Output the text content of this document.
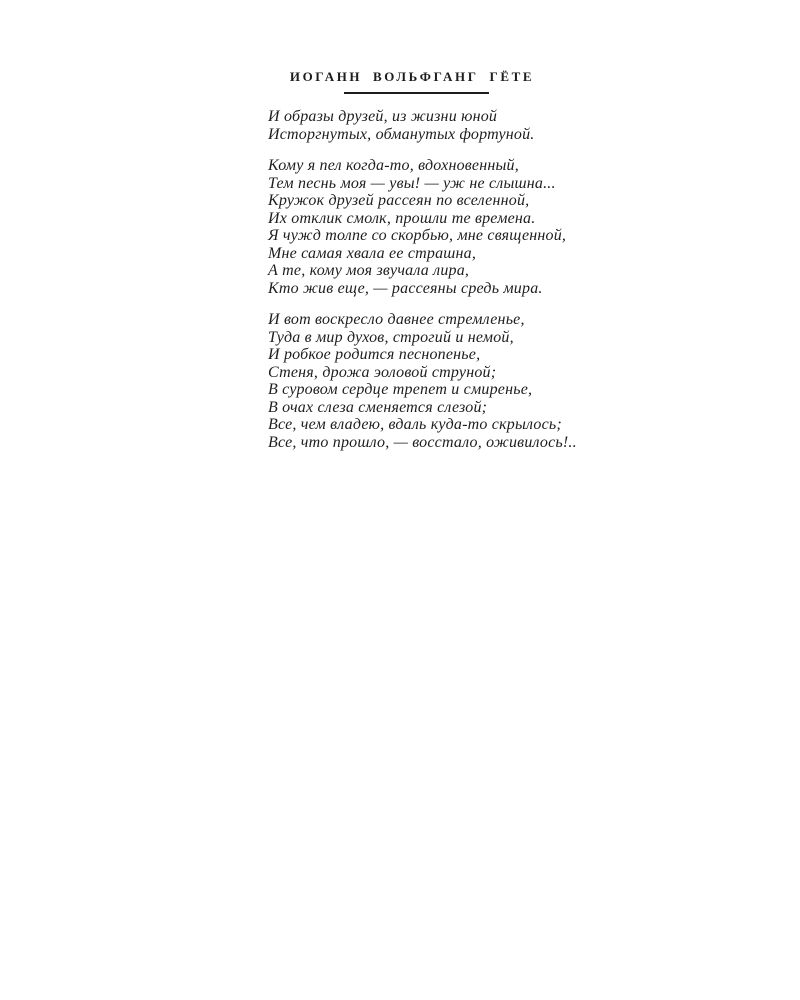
ИОГАНН ВОЛЬФГАНГ ГЁТЕ
И образы друзей, из жизни юной
Исторгнутых, обманутых фортуной.
Кому я пел когда-то, вдохновенный,
Тем песнь моя — увы! — уж не слышна...
Кружок друзей рассеян по вселенной,
Их отклик смолк, прошли те времена.
Я чужд толпе со скорбью, мне священной,
Мне самая хвала ее страшна,
А те, кому моя звучала лира,
Кто жив еще, — рассеяны средь мира.
И вот воскресло давнее стремленье,
Туда в мир духов, строгий и немой,
И робкое родится песнопенье,
Стеня, дрожа эоловой струной;
В суровом сердце трепет и смиренье,
В очах слеза сменяется слезой;
Все, чем владею, вдаль куда-то скрылось;
Все, что прошло, — восстало, оживилось!..
